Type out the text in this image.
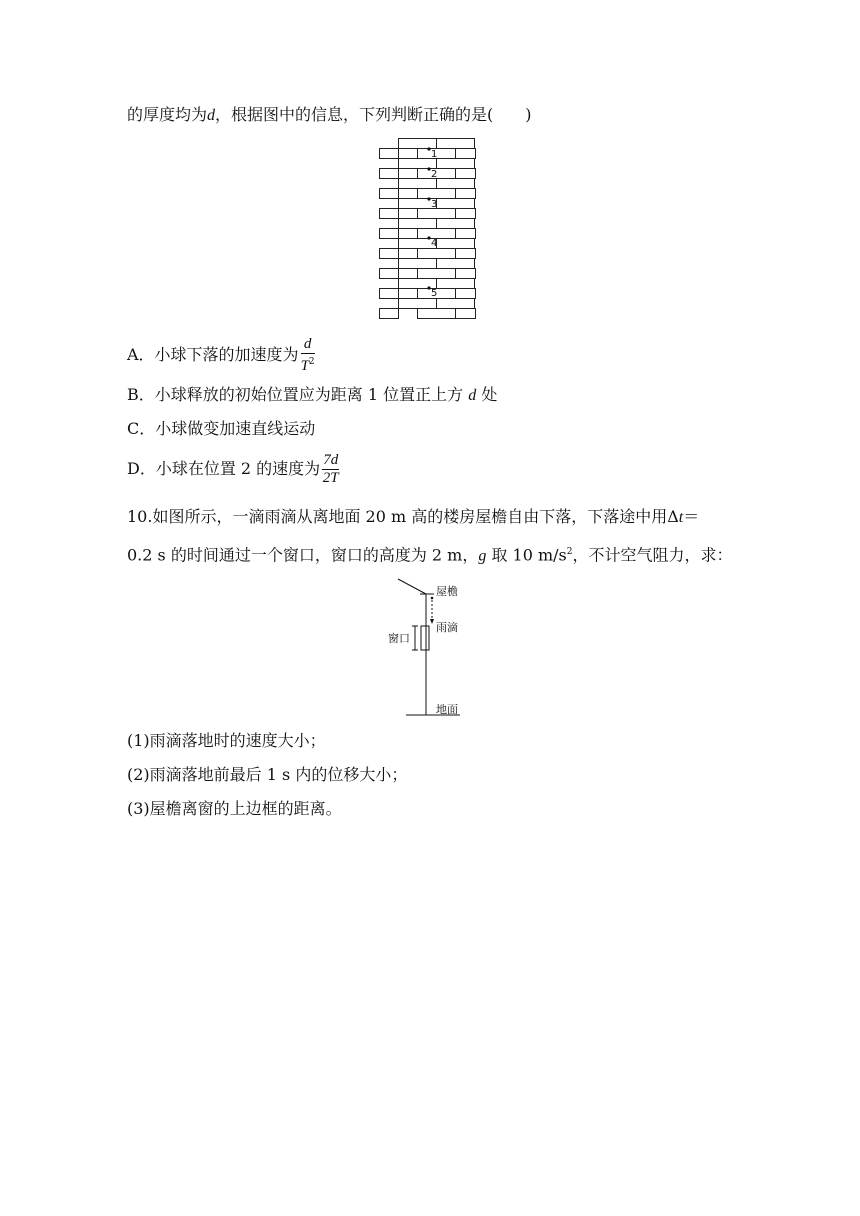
的厚度均为d，根据图中的信息，下列判断正确的是(　　)
1
2
3
4
5
A．小球下落的加速度为 $\frac{d}{T^2}$
B．小球释放的初始位置应为距离 1 位置正上方 d 处
C．小球做变加速直线运动
D．小球在位置 2 的速度为 $\frac{7d}{2T}$
10.如图所示，一滴雨滴从离地面 20 m 高的楼房屋檐自由下落，下落途中用Δt＝
0.2 s 的时间通过一个窗口，窗口的高度为 2 m，g 取 10 $m/s^2$，不计空气阻力，求：
屋檐
雨滴
窗口
地面
(1)雨滴落地时的速度大小；
(2)雨滴落地前最后 1 s 内的位移大小；
(3)屋檐离窗的上边框的距离。
